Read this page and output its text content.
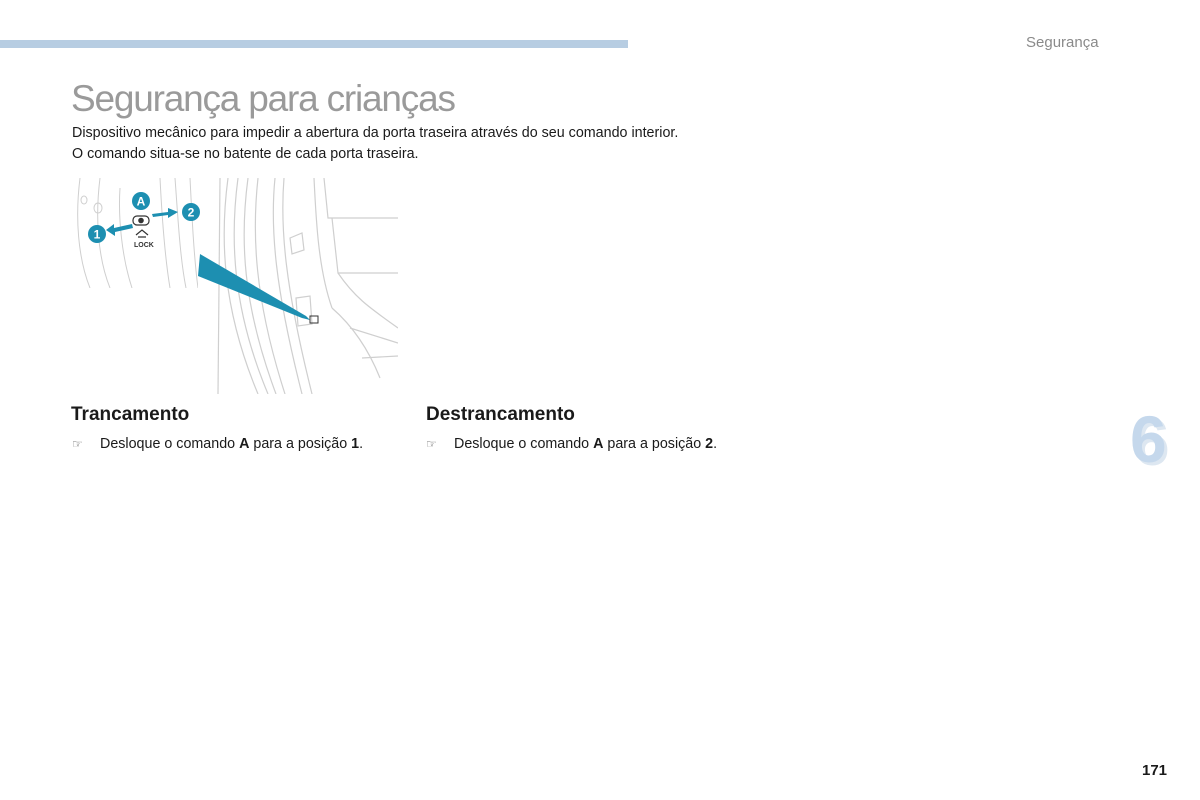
Segurança
Segurança para crianças
Dispositivo mecânico para impedir a abertura da porta traseira através do seu comando interior.
O comando situa-se no batente de cada porta traseira.
LOCK
A
1
2
Trancamento
☞ Desloque o comando A para a posição 1.
Destrancamento
☞ Desloque o comando A para a posição 2.	6
171
